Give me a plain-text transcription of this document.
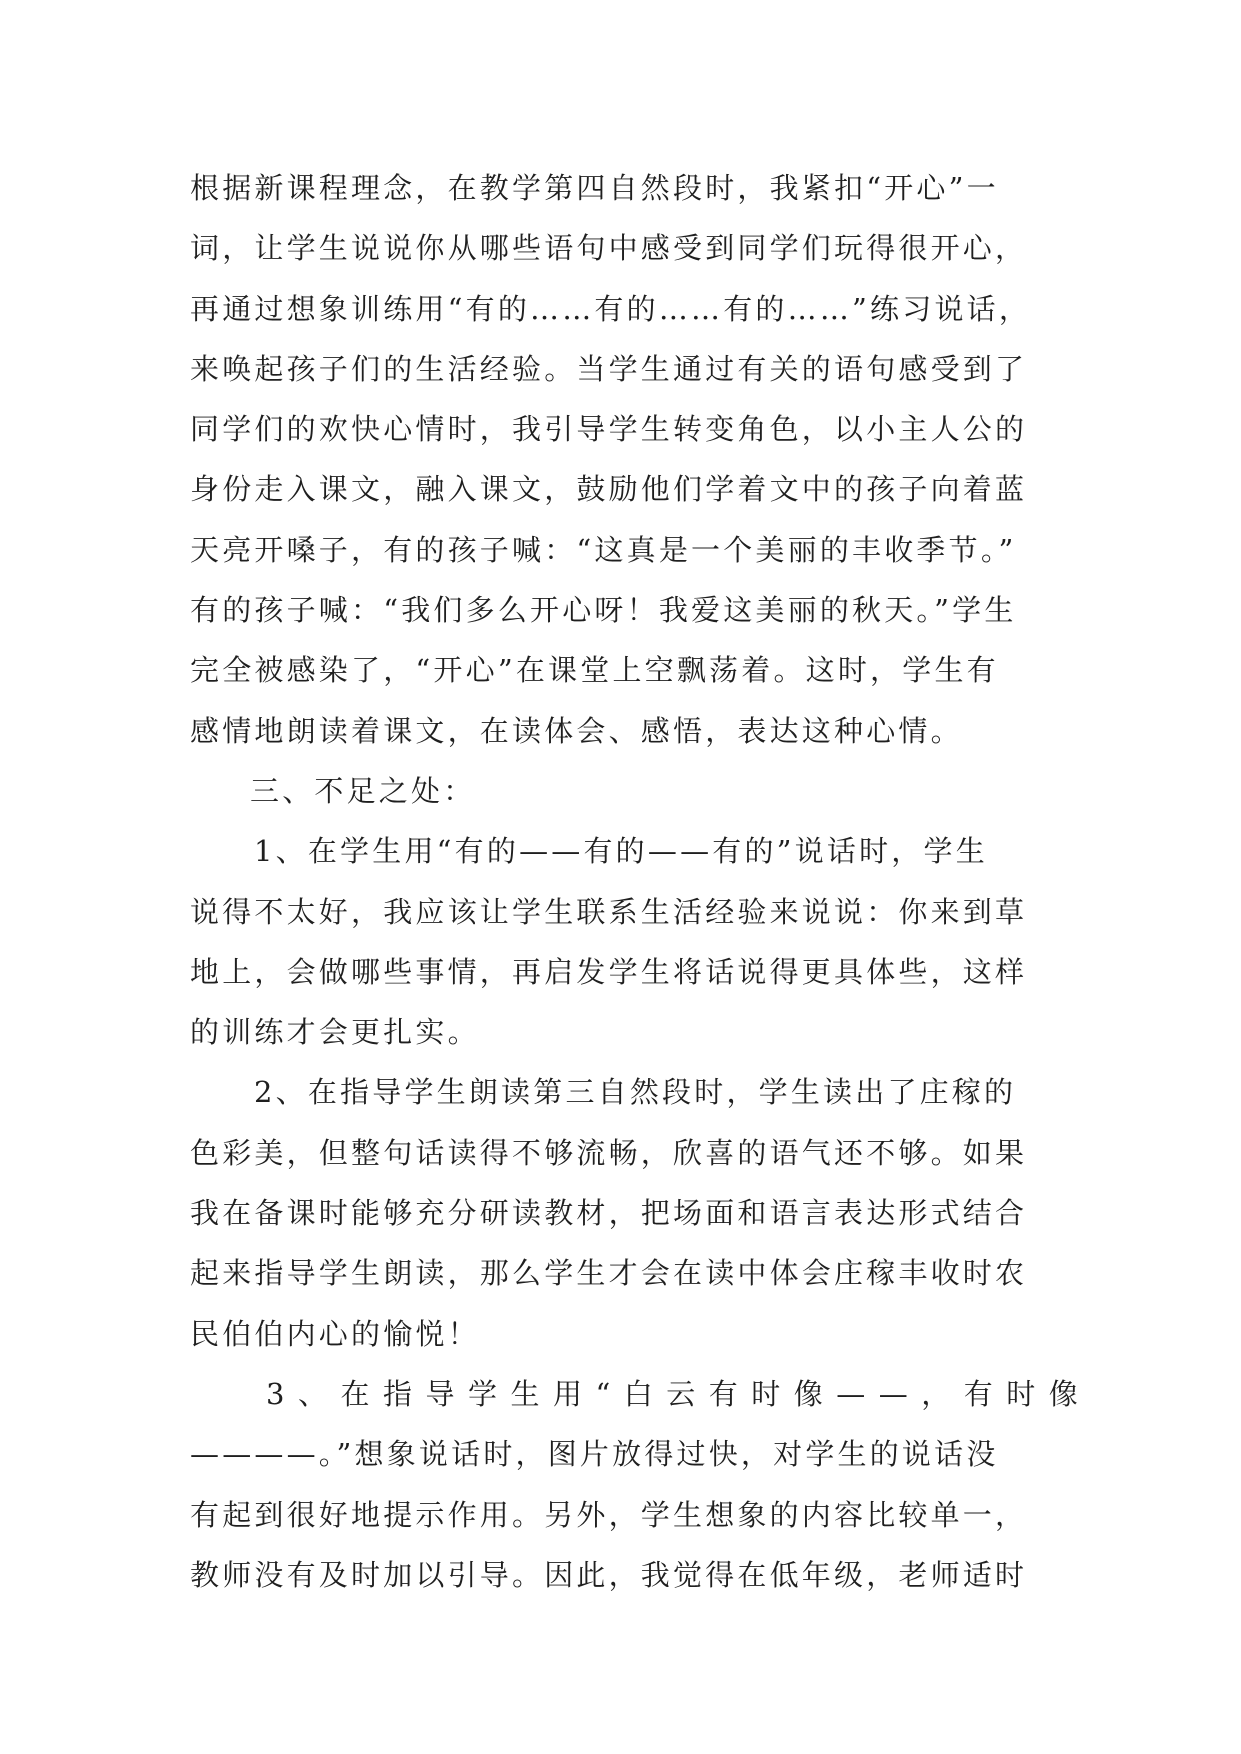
根据新课程理念，在教学第四自然段时，我紧扣“开心”一
词，让学生说说你从哪些语句中感受到同学们玩得很开心，
再通过想象训练用“有的……有的……有的……”练习说话，
来唤起孩子们的生活经验。当学生通过有关的语句感受到了
同学们的欢快心情时，我引导学生转变角色，以小主人公的
身份走入课文，融入课文，鼓励他们学着文中的孩子向着蓝
天亮开嗓子，有的孩子喊：“这真是一个美丽的丰收季节。”
有的孩子喊：“我们多么开心呀！我爱这美丽的秋天。”学生
完全被感染了，“开心”在课堂上空飘荡着。这时，学生有
感情地朗读着课文，在读体会、感悟，表达这种心情。
三、不足之处：
1、在学生用“有的——有的——有的”说话时，学生
说得不太好，我应该让学生联系生活经验来说说：你来到草
地上，会做哪些事情，再启发学生将话说得更具体些，这样
的训练才会更扎实。
2、在指导学生朗读第三自然段时，学生读出了庄稼的
色彩美，但整句话读得不够流畅，欣喜的语气还不够。如果
我在备课时能够充分研读教材，把场面和语言表达形式结合
起来指导学生朗读，那么学生才会在读中体会庄稼丰收时农
民伯伯内心的愉悦！
3、在指导学生用“白云有时像——，有时像
————。”想象说话时，图片放得过快，对学生的说话没
有起到很好地提示作用。另外，学生想象的内容比较单一，
教师没有及时加以引导。因此，我觉得在低年级，老师适时
